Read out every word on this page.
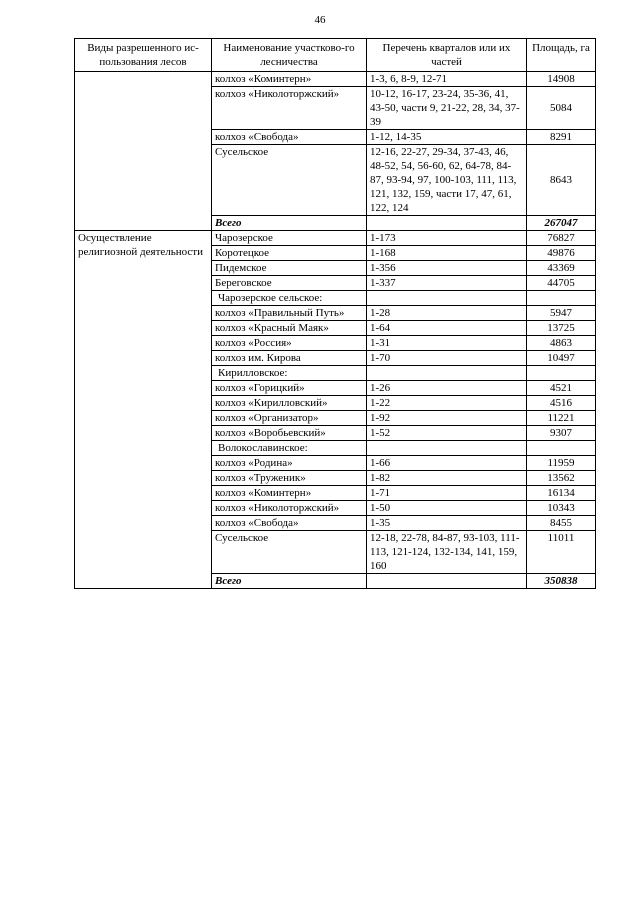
46
Виды разрешенного ис-пользования лесов	Наименование участково-го лесничества	Перечень кварталов или их частей	Площадь, га
	колхоз «Коминтерн»	1-3, 6, 8-9, 12-71	14908
	колхоз «Николоторжский»	10-12, 16-17, 23-24, 35-36, 41, 43-50, части 9, 21-22, 28, 34, 37-39	5084
	колхоз «Свобода»	1-12, 14-35	8291
	Сусельское	12-16, 22-27, 29-34, 37-43, 46, 48-52, 54, 56-60, 62, 64-78, 84-87, 93-94, 97, 100-103, 111, 113, 121, 132, 159, части 17, 47, 61, 122, 124	8643
	Всего		267047
Осуществление религиозной деятельности	Чарозерское	1-173	76827
	Коротецкое	1-168	49876
	Пидемское	1-356	43369
	Береговское	1-337	44705
	Чарозерское сельское:		
	колхоз «Правильный Путь»	1-28	5947
	колхоз «Красный Маяк»	1-64	13725
	колхоз «Россия»	1-31	4863
	колхоз им. Кирова	1-70	10497
	Кирилловское:		
	колхоз «Горицкий»	1-26	4521
	колхоз «Кирилловский»	1-22	4516
	колхоз «Организатор»	1-92	11221
	колхоз «Воробьевский»	1-52	9307
	Волокославинское:		
	колхоз «Родина»	1-66	11959
	колхоз «Труженик»	1-82	13562
	колхоз «Коминтерн»	1-71	16134
	колхоз «Николоторжский»	1-50	10343
	колхоз «Свобода»	1-35	8455
	Сусельское	12-18, 22-78, 84-87, 93-103, 111-113, 121-124, 132-134, 141, 159, 160	11011
	Всего		350838
